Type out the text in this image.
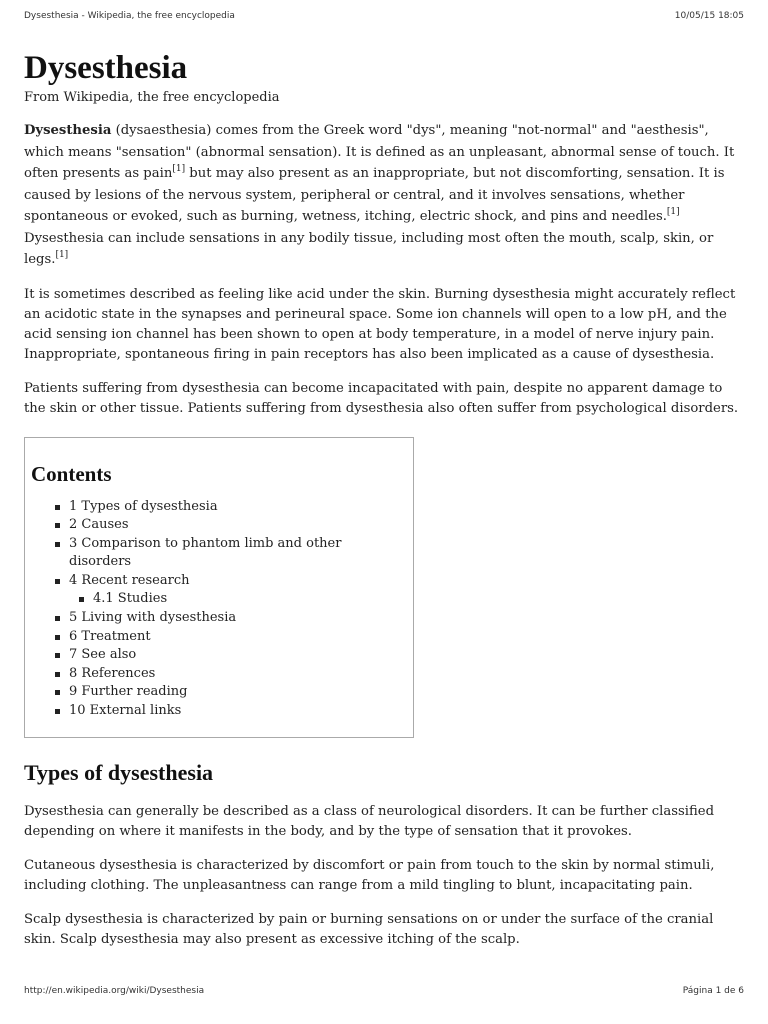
Dysesthesia - Wikipedia, the free encyclopedia	10/05/15 18:05
Dysesthesia
From Wikipedia, the free encyclopedia

Dysesthesia (dysaesthesia) comes from the Greek word "dys", meaning "not-normal" and "aesthesis", which means "sensation" (abnormal sensation). It is defined as an unpleasant, abnormal sense of touch. It often presents as pain[1] but may also present as an inappropriate, but not discomforting, sensation. It is caused by lesions of the nervous system, peripheral or central, and it involves sensations, whether spontaneous or evoked, such as burning, wetness, itching, electric shock, and pins and needles.[1] Dysesthesia can include sensations in any bodily tissue, including most often the mouth, scalp, skin, or legs.[1]

It is sometimes described as feeling like acid under the skin. Burning dysesthesia might accurately reflect an acidotic state in the synapses and perineural space. Some ion channels will open to a low pH, and the acid sensing ion channel has been shown to open at body temperature, in a model of nerve injury pain. Inappropriate, spontaneous firing in pain receptors has also been implicated as a cause of dysesthesia.

Patients suffering from dysesthesia can become incapacitated with pain, despite no apparent damage to the skin or other tissue. Patients suffering from dysesthesia also often suffer from psychological disorders.

Contents
1 Types of dysesthesia
2 Causes
3 Comparison to phantom limb and other disorders
4 Recent research
4.1 Studies
5 Living with dysesthesia
6 Treatment
7 See also
8 References
9 Further reading
10 External links
Types of dysesthesia

Dysesthesia can generally be described as a class of neurological disorders. It can be further classified depending on where it manifests in the body, and by the type of sensation that it provokes.

Cutaneous dysesthesia is characterized by discomfort or pain from touch to the skin by normal stimuli, including clothing. The unpleasantness can range from a mild tingling to blunt, incapacitating pain.

Scalp dysesthesia is characterized by pain or burning sensations on or under the surface of the cranial skin. Scalp dysesthesia may also present as excessive itching of the scalp.

http://en.wikipedia.org/wiki/Dysesthesia	Página 1 de 6
